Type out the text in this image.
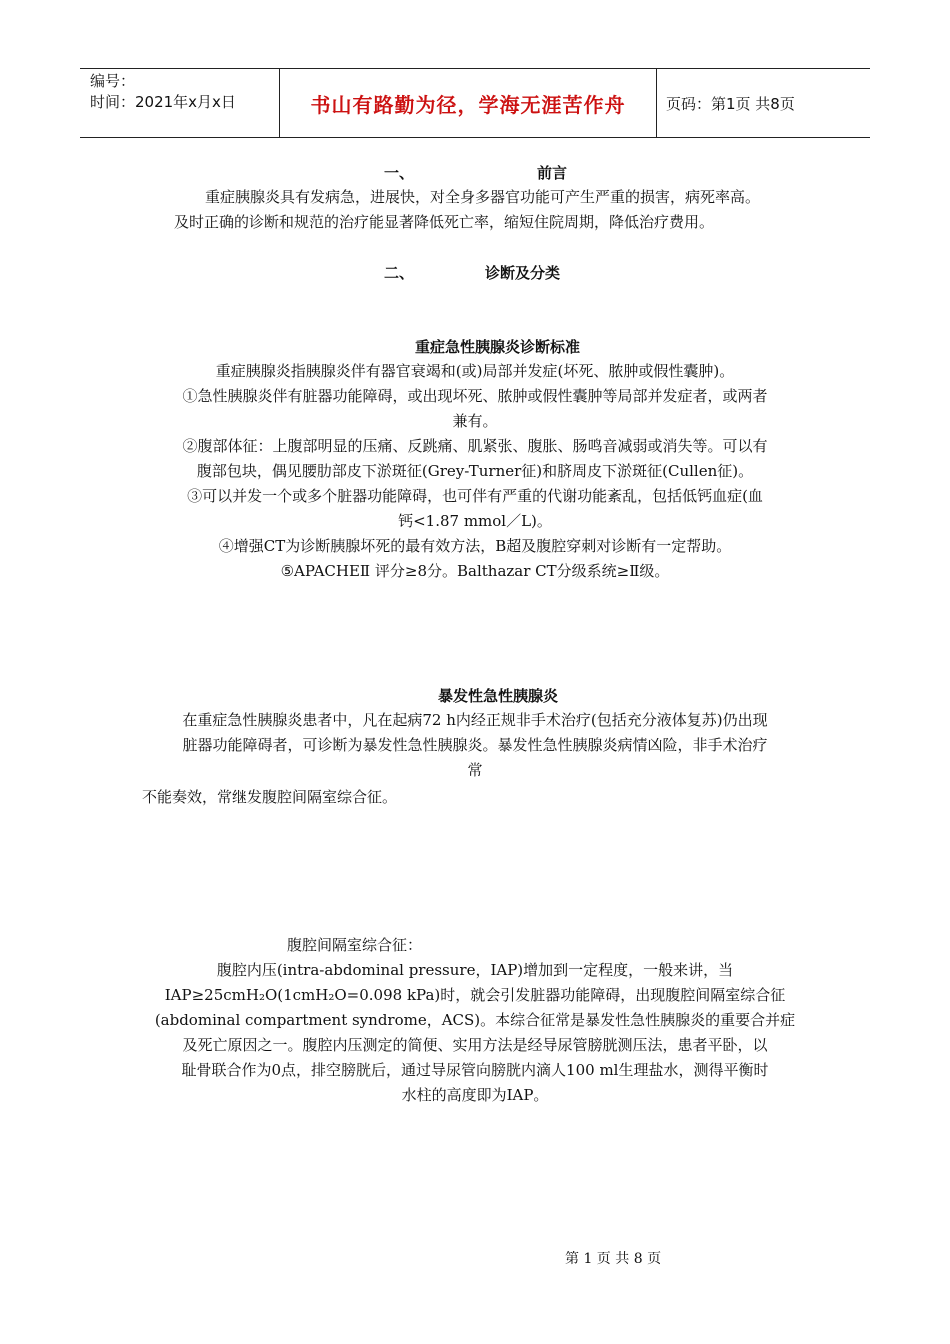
编号：
时间：2021年x月x日	书山有路勤为径，学海无涯苦作舟	页码：第1页 共8页
一、	前言
重症胰腺炎具有发病急，进展快，对全身多器官功能可产生严重的损害，病死率高。
及时正确的诊断和规范的治疗能显著降低死亡率，缩短住院周期，降低治疗费用。
二、	诊断及分类
重症急性胰腺炎诊断标准
重症胰腺炎指胰腺炎伴有器官衰竭和(或)局部并发症(坏死、脓肿或假性囊肿)。
①急性胰腺炎伴有脏器功能障碍，或出现坏死、脓肿或假性囊肿等局部并发症者，或两者
兼有。
②腹部体征：上腹部明显的压痛、反跳痛、肌紧张、腹胀、肠鸣音减弱或消失等。可以有
腹部包块，偶见腰肋部皮下淤斑征(Grey-Turner征)和脐周皮下淤斑征(Cullen征)。
③可以并发一个或多个脏器功能障碍，也可伴有严重的代谢功能紊乱，包括低钙血症(血
钙<1.87 mmol／L)。
④增强CT为诊断胰腺坏死的最有效方法，B超及腹腔穿刺对诊断有一定帮助。
⑤APACHEⅡ 评分≥8分。Balthazar CT分级系统≥Ⅱ级。
暴发性急性胰腺炎
在重症急性胰腺炎患者中，凡在起病72 h内经正规非手术治疗(包括充分液体复苏)仍出现
脏器功能障碍者，可诊断为暴发性急性胰腺炎。暴发性急性胰腺炎病情凶险，非手术治疗
常
不能奏效，常继发腹腔间隔室综合征。
腹腔间隔室综合征：
腹腔内压(intra-abdominal pressure，IAP)增加到一定程度，一般来讲，当
IAP≥25cmH₂O(1cmH₂O=0.098 kPa)时，就会引发脏器功能障碍，出现腹腔间隔室综合征
(abdominal compartment syndrome，ACS)。本综合征常是暴发性急性胰腺炎的重要合并症
及死亡原因之一。腹腔内压测定的简便、实用方法是经导尿管膀胱测压法，患者平卧，以
耻骨联合作为0点，排空膀胱后，通过导尿管向膀胱内滴人100 ml生理盐水，测得平衡时
水柱的高度即为IAP。
第 1 页 共 8 页
